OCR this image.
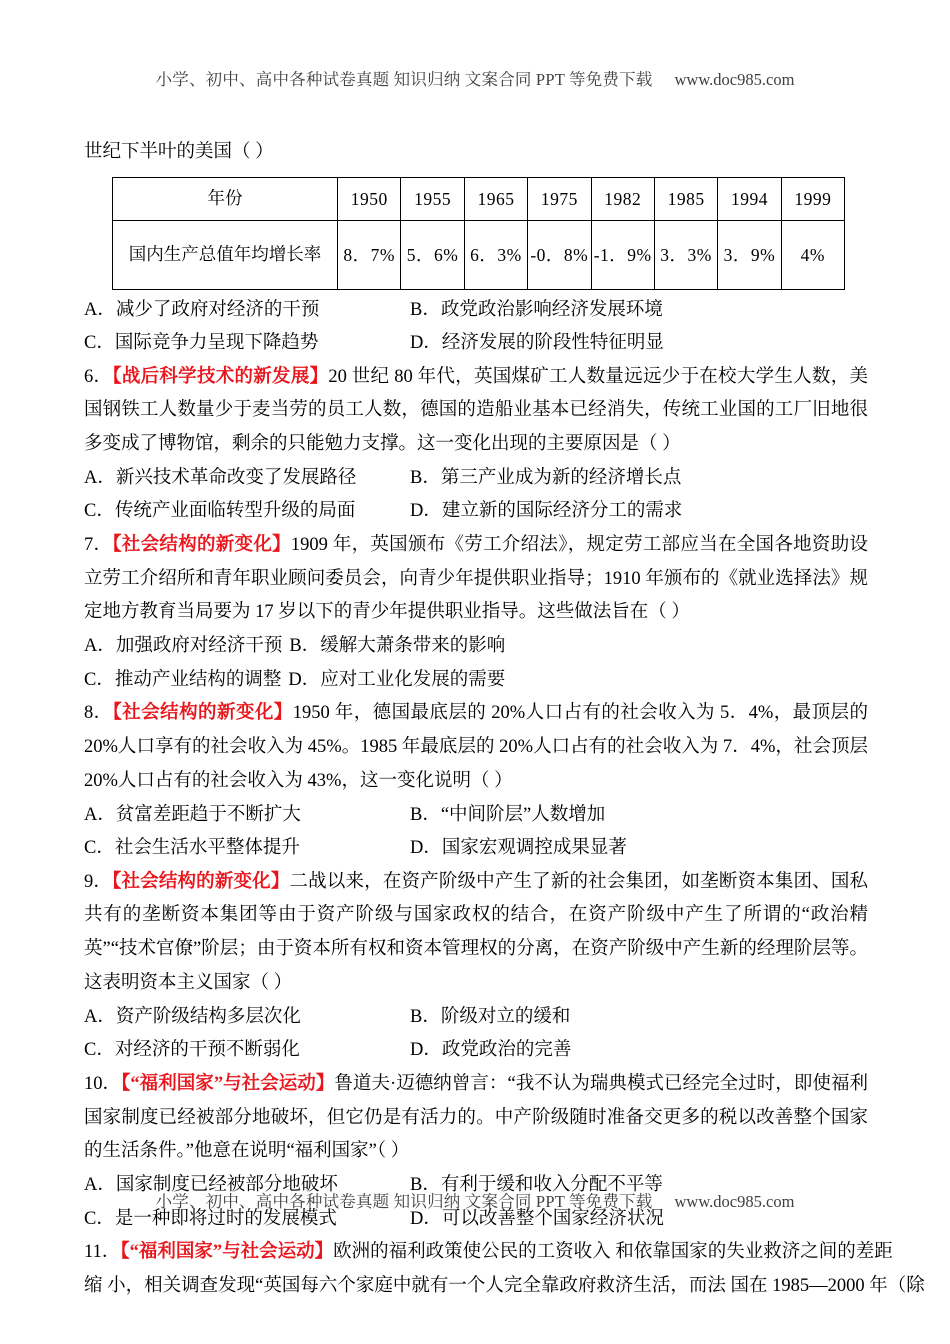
小学、初中、高中各种试卷真题 知识归纳 文案合同 PPT 等免费下载 www.doc985.com
世纪下半叶的美国（ ）
年份	1950	1955	1965	1975	1982	1985	1994	1999
国内生产总值年均增长率	8．7%	5．6%	6．3%	-0．8%	-1．9%	3．3%	3．9%	4%
A．减少了政府对经济的干预	B．政党政治影响经济发展环境
C．国际竞争力呈现下降趋势	D．经济发展的阶段性特征明显
6．【战后科学技术的新发展】20 世纪 80 年代，英国煤矿工人数量远远少于在校大学生人数，美国钢铁工人数量少于麦当劳的员工人数，德国的造船业基本已经消失，传统工业国的工厂旧地很多变成了博物馆，剩余的只能勉力支撑。这一变化出现的主要原因是（ ）
A．新兴技术革命改变了发展路径	B．第三产业成为新的经济增长点
C．传统产业面临转型升级的局面	D．建立新的国际经济分工的需求
7．【社会结构的新变化】1909 年，英国颁布《劳工介绍法》，规定劳工部应当在全国各地资助设立劳工介绍所和青年职业顾问委员会，向青少年提供职业指导；1910 年颁布的《就业选择法》规定地方教育当局要为 17 岁以下的青少年提供职业指导。这些做法旨在（ ）
A．加强政府对经济干预 B．缓解大萧条带来的影响
C．推动产业结构的调整 D．应对工业化发展的需要
8．【社会结构的新变化】1950 年，德国最底层的 20%人口占有的社会收入为 5．4%，最顶层的 20%人口享有的社会收入为 45%。1985 年最底层的 20%人口占有的社会收入为 7．4%，社会顶层 20%人口占有的社会收入为 43%，这一变化说明（ ）
A．贫富差距趋于不断扩大	B．“中间阶层”人数增加
C．社会生活水平整体提升	D．国家宏观调控成果显著
9．【社会结构的新变化】二战以来，在资产阶级中产生了新的社会集团，如垄断资本集团、国私共有的垄断资本集团等由于资产阶级与国家政权的结合，在资产阶级中产生了所谓的“政治精英”“技术官僚”阶层；由于资本所有权和资本管理权的分离，在资产阶级中产生新的经理阶层等。这表明资本主义国家（ ）
A．资产阶级结构多层次化	B．阶级对立的缓和
C．对经济的干预不断弱化	D．政党政治的完善
10．【“福利国家”与社会运动】鲁道夫·迈德纳曾言：“我不认为瑞典模式已经完全过时，即使福利国家制度已经被部分地破坏，但它仍是有活力的。中产阶级随时准备交更多的税以改善整个国家的生活条件。”他意在说明“福利国家”（ ）
A．国家制度已经被部分地破坏	B．有利于缓和收入分配不平等
C．是一种即将过时的发展模式	D．可以改善整个国家经济状况
11．【“福利国家”与社会运动】欧洲的福利政策使公民的工资收入 和依靠国家的失业救济之间的差距
缩 小，相关调查发现“英国每六个家庭中就有一个人完全靠政府救济生活，而法 国在 1985—2000 年（除
小学、初中、高中各种试卷真题 知识归纳 文案合同 PPT 等免费下载 www.doc985.com
